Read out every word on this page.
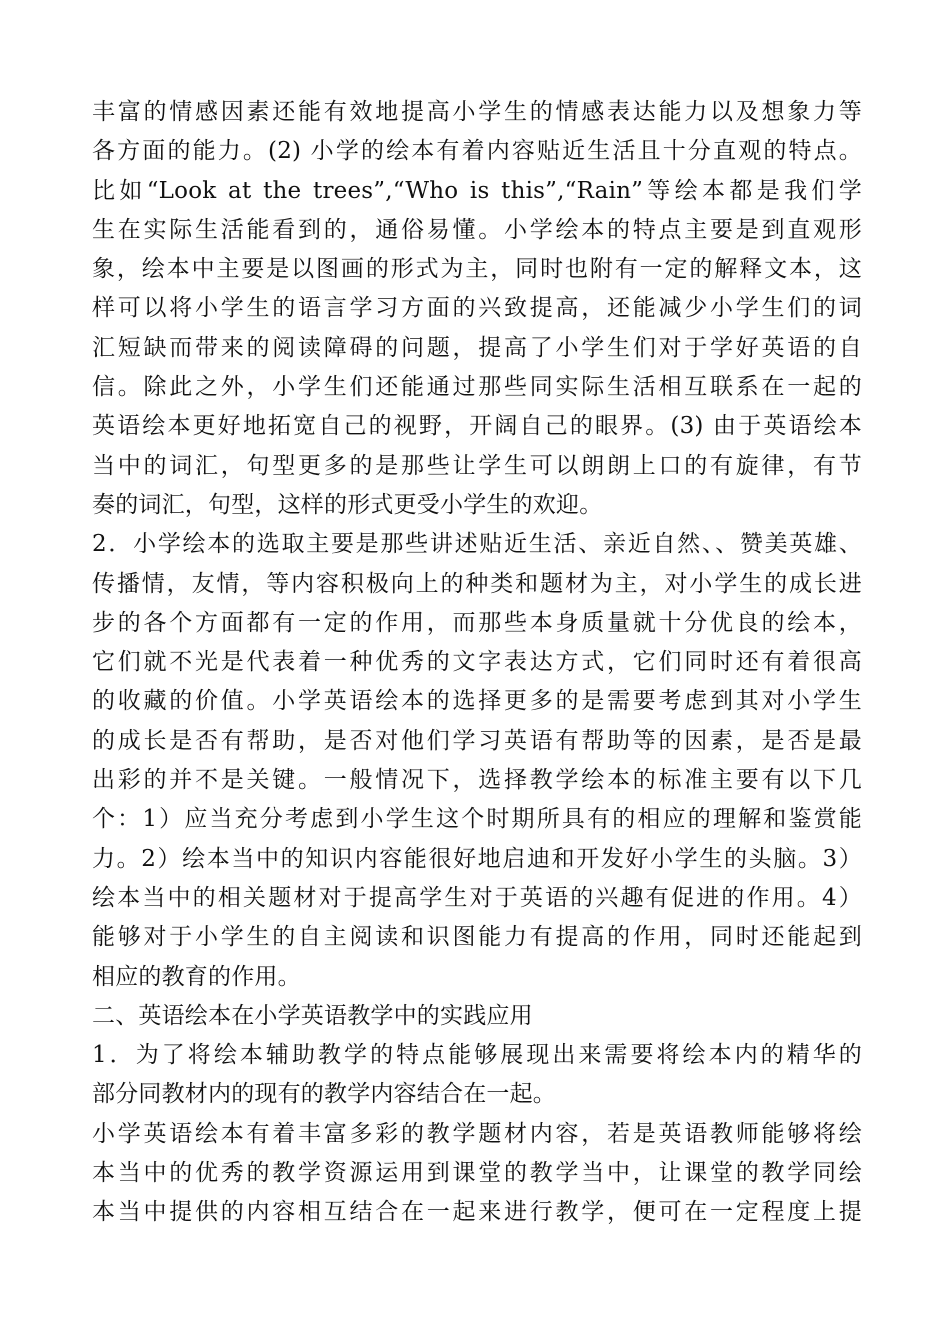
丰富的情感因素还能有效地提高小学生的情感表达能力以及想象力等
各方面的能力。(2) 小学的绘本有着内容贴近生活且十分直观的特点。
比如“Look at the trees”,“Who is this”,“Rain”等绘本都是我们学
生在实际生活能看到的，通俗易懂。小学绘本的特点主要是到直观形
象，绘本中主要是以图画的形式为主，同时也附有一定的解释文本，这
样可以将小学生的语言学习方面的兴致提高，还能减少小学生们的词
汇短缺而带来的阅读障碍的问题，提高了小学生们对于学好英语的自
信。除此之外，小学生们还能通过那些同实际生活相互联系在一起的
英语绘本更好地拓宽自己的视野，开阔自己的眼界。(3) 由于英语绘本
当中的词汇，句型更多的是那些让学生可以朗朗上口的有旋律，有节
奏的词汇，句型，这样的形式更受小学生的欢迎。
2．小学绘本的选取主要是那些讲述贴近生活、亲近自然、、赞美英雄、
传播情，友情，等内容积极向上的种类和题材为主，对小学生的成长进
步的各个方面都有一定的作用，而那些本身质量就十分优良的绘本，
它们就不光是代表着一种优秀的文字表达方式，它们同时还有着很高
的收藏的价值。小学英语绘本的选择更多的是需要考虑到其对小学生
的成长是否有帮助，是否对他们学习英语有帮助等的因素，是否是最
出彩的并不是关键。一般情况下，选择教学绘本的标准主要有以下几
个：1）应当充分考虑到小学生这个时期所具有的相应的理解和鉴赏能
力。2）绘本当中的知识内容能很好地启迪和开发好小学生的头脑。3）
绘本当中的相关题材对于提高学生对于英语的兴趣有促进的作用。4）
能够对于小学生的自主阅读和识图能力有提高的作用，同时还能起到
相应的教育的作用。
二、英语绘本在小学英语教学中的实践应用
1．为了将绘本辅助教学的特点能够展现出来需要将绘本内的精华的
部分同教材内的现有的教学内容结合在一起。
小学英语绘本有着丰富多彩的教学题材内容，若是英语教师能够将绘
本当中的优秀的教学资源运用到课堂的教学当中，让课堂的教学同绘
本当中提供的内容相互结合在一起来进行教学，便可在一定程度上提
